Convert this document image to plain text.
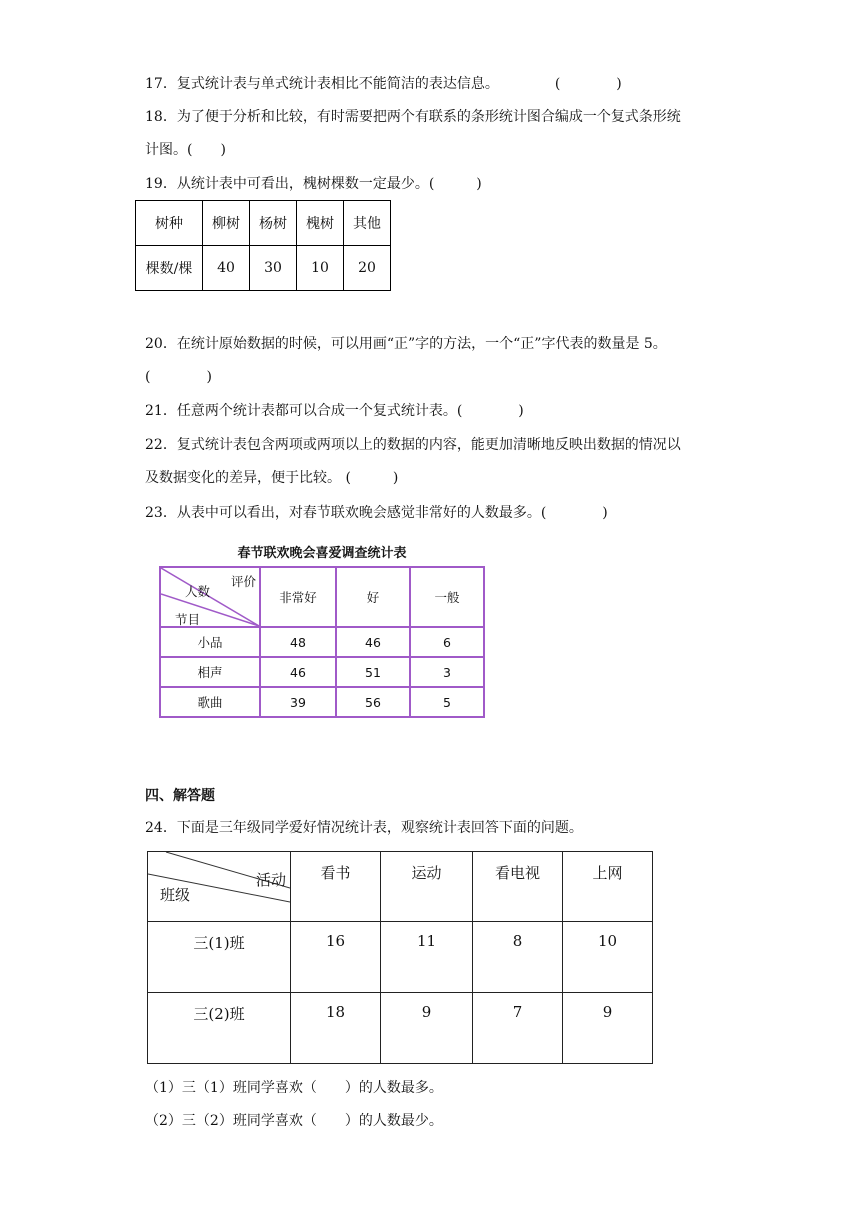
17．复式统计表与单式统计表相比不能简洁的表达信息。	(　　　　)
18．为了便于分析和比较，有时需要把两个有联系的条形统计图合编成一个复式条形统
计图。(　　)
19．从统计表中可看出，槐树棵数一定最少。(　　　)
树种	柳树	杨树	槐树	其他
棵数/棵	40	30	10	20
20．在统计原始数据的时候，可以用画“正”字的方法，一个“正”字代表的数量是 5。
(　　　　)
21．任意两个统计表都可以合成一个复式统计表。(　　　　)
22．复式统计表包含两项或两项以上的数据的内容，能更加清晰地反映出数据的情况以
及数据变化的差异，便于比较。 (　　　)
23．从表中可以看出，对春节联欢晚会感觉非常好的人数最多。(　　　　)
春节联欢晚会喜爱调查统计表
评价
人数
节目	非常好	好	一般
小品	48	46	6
相声	46	51	3
歌曲	39	56	5
四、解答题
24．下面是三年级同学爱好情况统计表，观察统计表回答下面的问题。
活动
班级	看书	运动	看电视	上网
三(1)班	16	11	8	10
三(2)班	18	9	7	9
（1）三（1）班同学喜欢（　　）的人数最多。
（2）三（2）班同学喜欢（　　）的人数最少。
